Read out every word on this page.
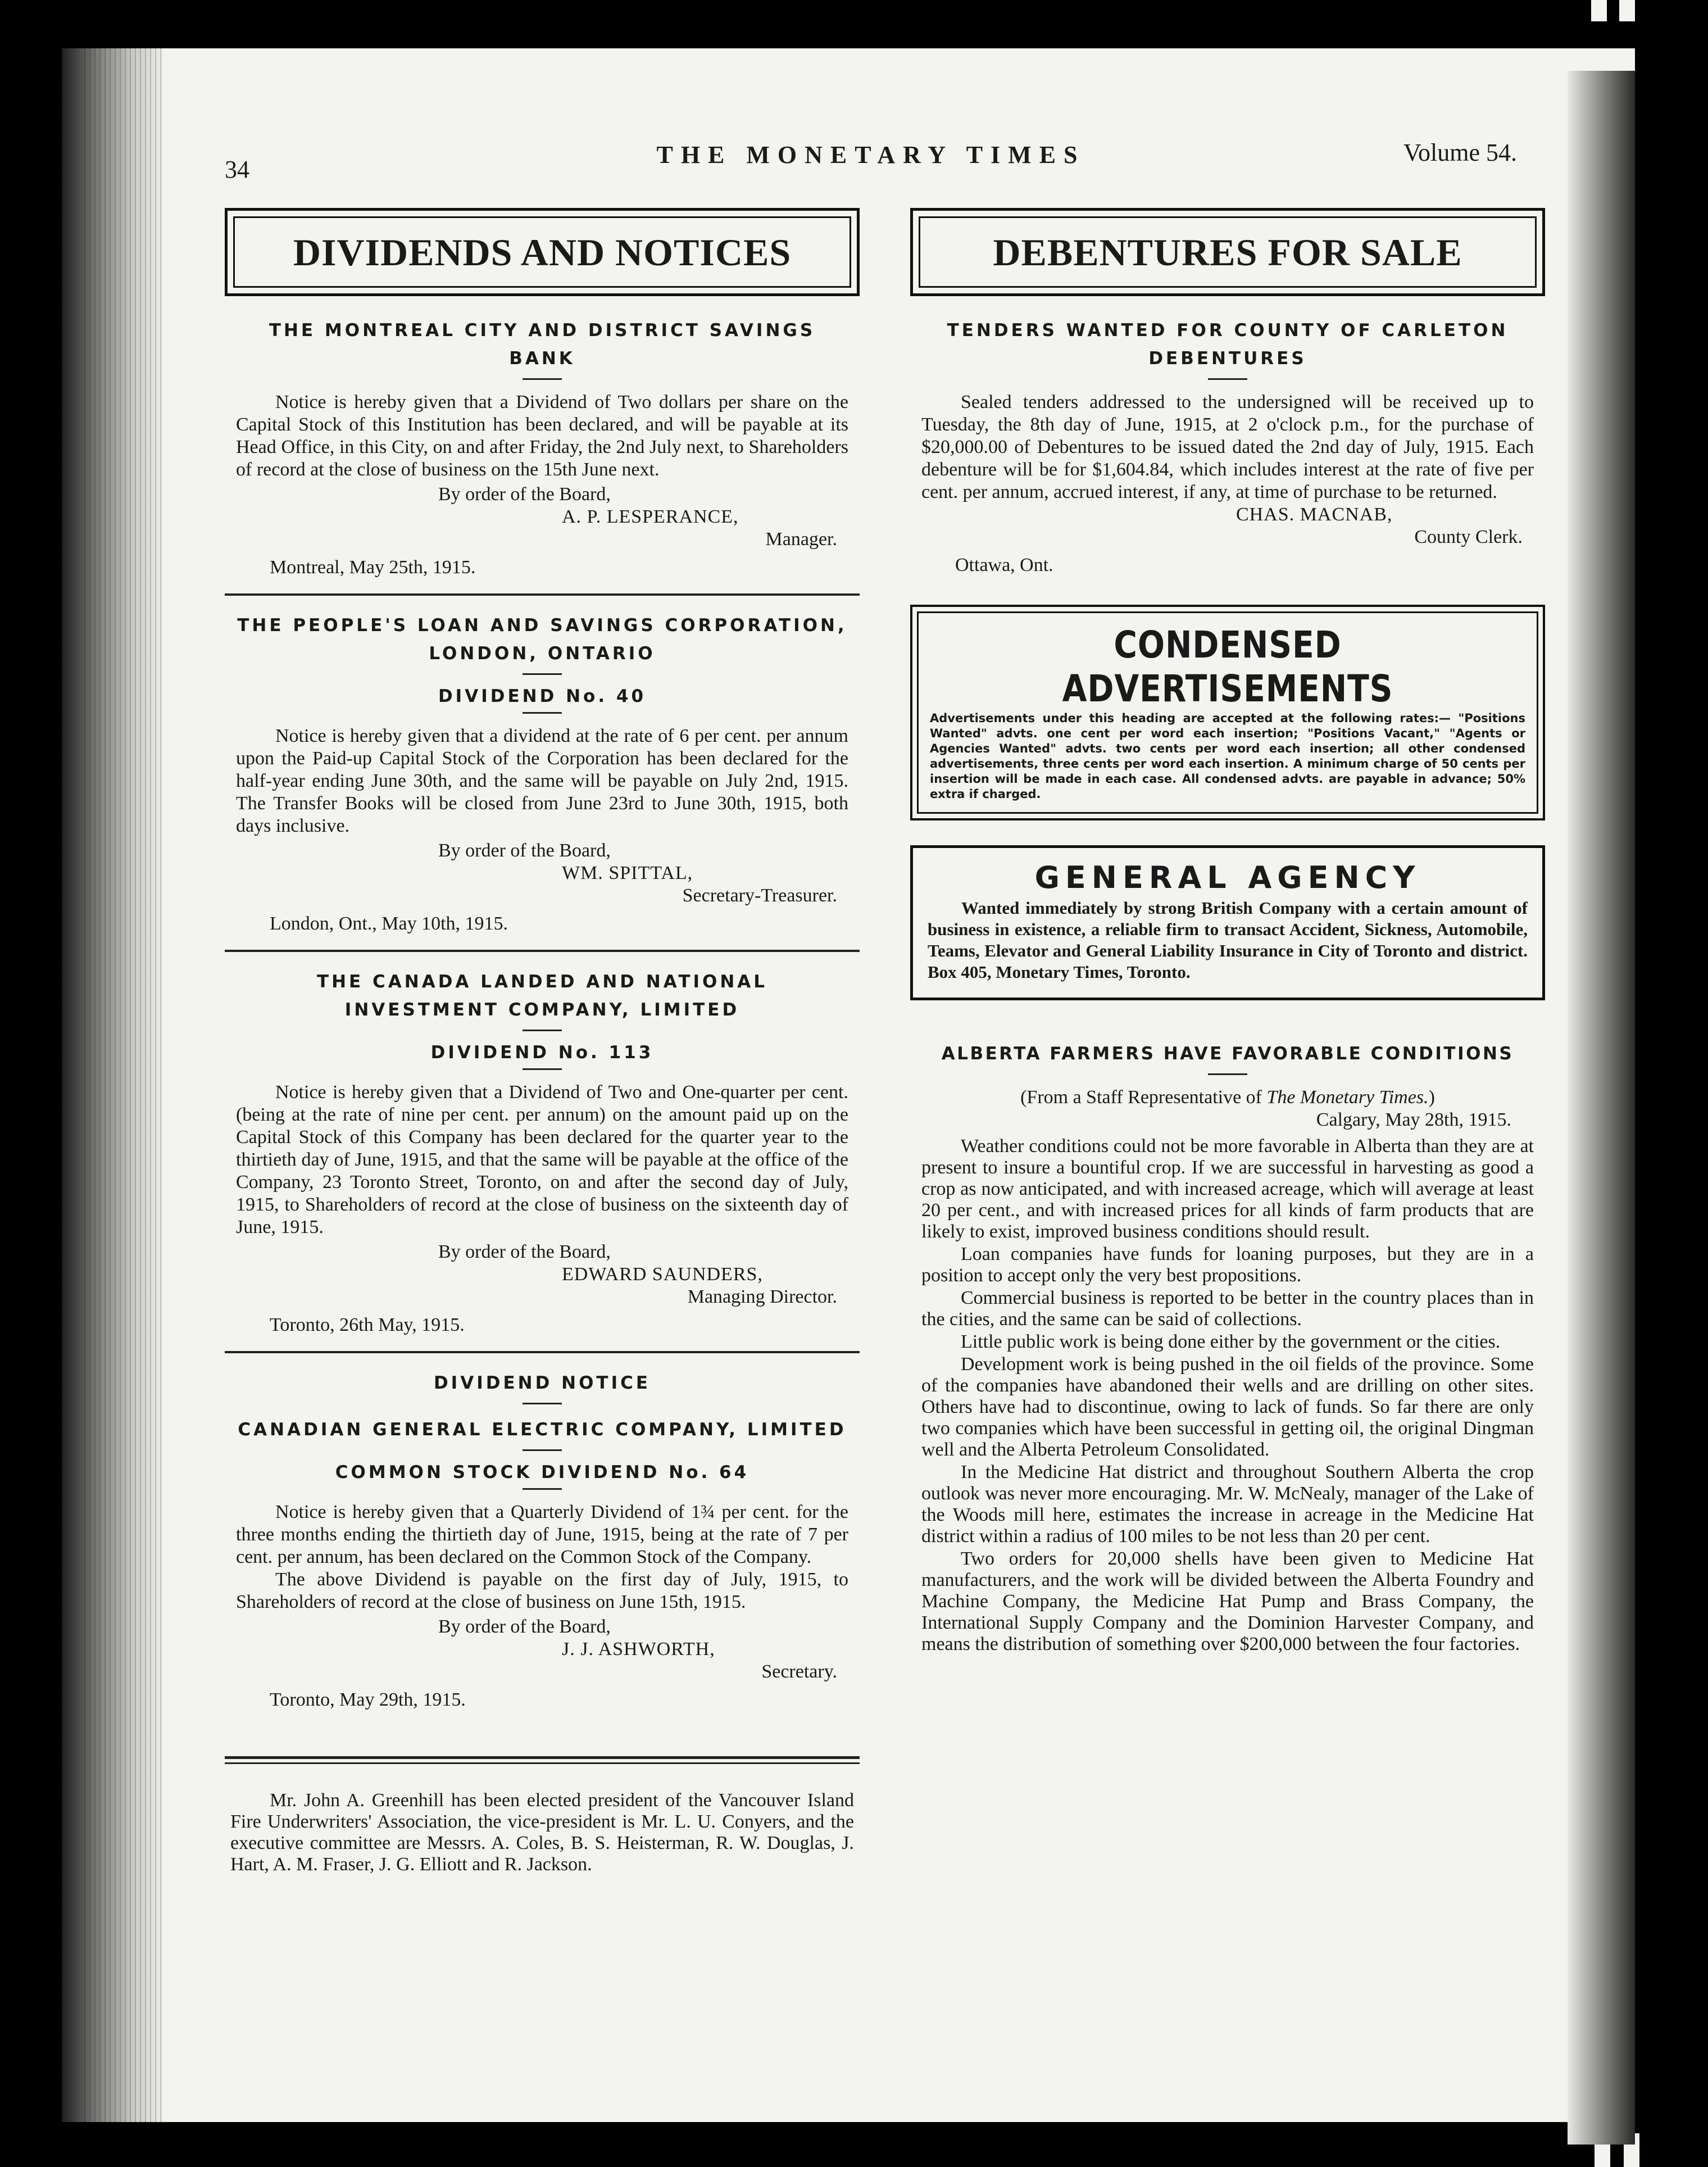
34
THE MONETARY TIMES	Volume 54.
DIVIDENDS AND NOTICES
THE MONTREAL CITY AND DISTRICT SAVINGS
BANK

Notice is hereby given that a Dividend of Two dollars per share on the Capital Stock of this Institution has been declared, and will be payable at its Head Office, in this City, on and after Friday, the 2nd July next, to Shareholders of record at the close of business on the 15th June next.

By order of the Board,
A. P. LESPERANCE,
Manager.
Montreal, May 25th, 1915.
THE PEOPLE'S LOAN AND SAVINGS CORPORATION,
LONDON, ONTARIO
DIVIDEND No. 40

Notice is hereby given that a dividend at the rate of 6 per cent. per annum upon the Paid-up Capital Stock of the Corporation has been declared for the half-year ending June 30th, and the same will be payable on July 2nd, 1915. The Transfer Books will be closed from June 23rd to June 30th, 1915, both days inclusive.

By order of the Board,
WM. SPITTAL,
Secretary-Treasurer.
London, Ont., May 10th, 1915.
THE CANADA LANDED AND NATIONAL
INVESTMENT COMPANY, LIMITED
DIVIDEND No. 113

Notice is hereby given that a Dividend of Two and One-quarter per cent. (being at the rate of nine per cent. per annum) on the amount paid up on the Capital Stock of this Company has been declared for the quarter year to the thirtieth day of June, 1915, and that the same will be payable at the office of the Company, 23 Toronto Street, Toronto, on and after the second day of July, 1915, to Shareholders of record at the close of business on the sixteenth day of June, 1915.

By order of the Board,
EDWARD SAUNDERS,
Managing Director.
Toronto, 26th May, 1915.
DIVIDEND NOTICE
CANADIAN GENERAL ELECTRIC COMPANY, LIMITED
COMMON STOCK DIVIDEND No. 64

Notice is hereby given that a Quarterly Dividend of 1¾ per cent. for the three months ending the thirtieth day of June, 1915, being at the rate of 7 per cent. per annum, has been declared on the Common Stock of the Company.

The above Dividend is payable on the first day of July, 1915, to Shareholders of record at the close of business on June 15th, 1915.

By order of the Board,
J. J. ASHWORTH,
Secretary.
Toronto, May 29th, 1915.

Mr. John A. Greenhill has been elected president of the Vancouver Island Fire Underwriters' Association, the vice-president is Mr. L. U. Conyers, and the executive committee are Messrs. A. Coles, B. S. Heisterman, R. W. Douglas, J. Hart, A. M. Fraser, J. G. Elliott and R. Jackson.

DEBENTURES FOR SALE
TENDERS WANTED FOR COUNTY OF CARLETON
DEBENTURES

Sealed tenders addressed to the undersigned will be received up to Tuesday, the 8th day of June, 1915, at 2 o'clock p.m., for the purchase of $20,000.00 of Debentures to be issued dated the 2nd day of July, 1915. Each debenture will be for $1,604.84, which includes interest at the rate of five per cent. per annum, accrued interest, if any, at time of purchase to be returned.

CHAS. MACNAB,
County Clerk.
Ottawa, Ont.
CONDENSED ADVERTISEMENTS
Advertisements under this heading are accepted at the following rates:— "Positions Wanted" advts. one cent per word each insertion; "Positions Vacant," "Agents or Agencies Wanted" advts. two cents per word each insertion; all other condensed advertisements, three cents per word each insertion. A minimum charge of 50 cents per insertion will be made in each case. All condensed advts. are payable in advance; 50% extra if charged.
GENERAL AGENCY
Wanted immediately by strong British Company with a certain amount of business in existence, a reliable firm to transact Accident, Sickness, Automobile, Teams, Elevator and General Liability Insurance in City of Toronto and district. Box 405, Monetary Times, Toronto.
ALBERTA FARMERS HAVE FAVORABLE CONDITIONS
(From a Staff Representative of The Monetary Times.)
Calgary, May 28th, 1915.

Weather conditions could not be more favorable in Alberta than they are at present to insure a bountiful crop. If we are successful in harvesting as good a crop as now anticipated, and with increased acreage, which will average at least 20 per cent., and with increased prices for all kinds of farm products that are likely to exist, improved business conditions should result.

Loan companies have funds for loaning purposes, but they are in a position to accept only the very best propositions.

Commercial business is reported to be better in the country places than in the cities, and the same can be said of collections.

Little public work is being done either by the government or the cities.

Development work is being pushed in the oil fields of the province. Some of the companies have abandoned their wells and are drilling on other sites. Others have had to discontinue, owing to lack of funds. So far there are only two companies which have been successful in getting oil, the original Dingman well and the Alberta Petroleum Consolidated.

In the Medicine Hat district and throughout Southern Alberta the crop outlook was never more encouraging. Mr. W. McNealy, manager of the Lake of the Woods mill here, estimates the increase in acreage in the Medicine Hat district within a radius of 100 miles to be not less than 20 per cent.

Two orders for 20,000 shells have been given to Medicine Hat manufacturers, and the work will be divided between the Alberta Foundry and Machine Company, the Medicine Hat Pump and Brass Company, the International Supply Company and the Dominion Harvester Company, and means the distribution of something over $200,000 between the four factories.
